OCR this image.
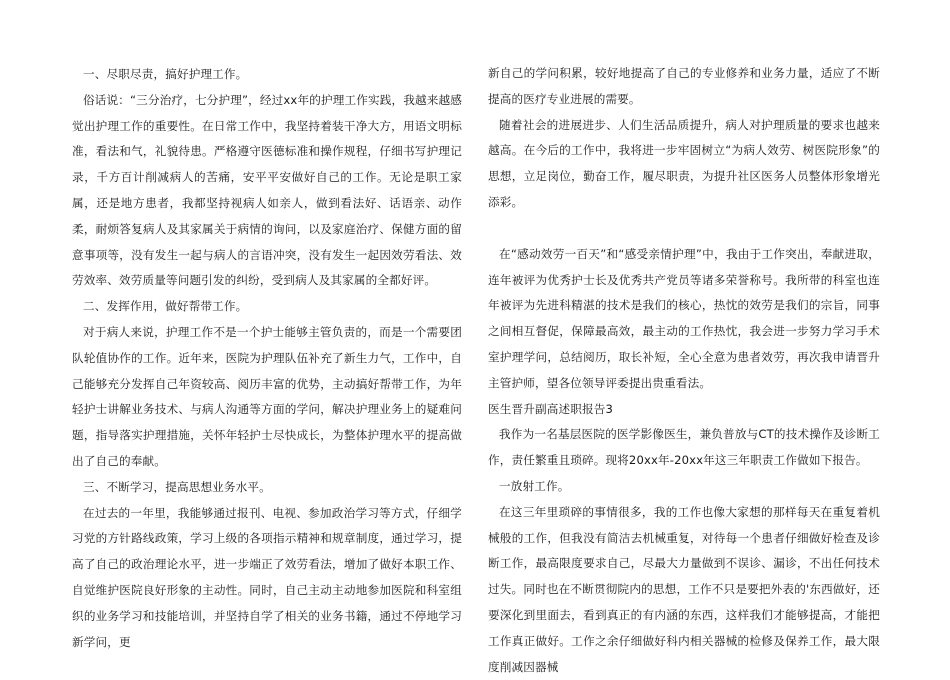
一、尽职尽责，搞好护理工作。

俗话说：“三分治疗，七分护理”，经过xx年的护理工作实践，我越来越感觉出护理工作的重要性。在日常工作中，我坚持着装干净大方，用语文明标准，看法和气，礼貌待患。严格遵守医德标准和操作规程，仔细书写护理记录，千方百计削减病人的苦痛，安平平安做好自己的工作。无论是职工家属，还是地方患者，我都坚持视病人如亲人，做到看法好、话语亲、动作柔，耐烦答复病人及其家属关于病情的询问，以及家庭治疗、保健方面的留意事项等，没有发生一起与病人的言语冲突，没有发生一起因效劳看法、效劳效率、效劳质量等问题引发的纠纷，受到病人及其家属的全都好评。

二、发挥作用，做好帮带工作。

对于病人来说，护理工作不是一个护士能够主管负责的，而是一个需要团队轮值协作的工作。近年来，医院为护理队伍补充了新生力气，工作中，自己能够充分发挥自己年资较高、阅历丰富的优势，主动搞好帮带工作，为年轻护士讲解业务技术、与病人沟通等方面的学问，解决护理业务上的疑难问题，指导落实护理措施，关怀年轻护士尽快成长，为整体护理水平的提高做出了自己的奉献。

三、不断学习，提高思想业务水平。

在过去的一年里，我能够通过报刊、电视、参加政治学习等方式，仔细学习党的方针路线政策，学习上级的各项指示精神和规章制度，通过学习，提高了自己的政治理论水平，进一步端正了效劳看法，增加了做好本职工作、自觉维护医院良好形象的主动性。同时，自己主动主动地参加医院和科室组织的业务学习和技能培训，并坚持自学了相关的业务书籍，通过不停地学习新学问，更

新自己的学问积累，较好地提高了自己的专业修养和业务力量，适应了不断提高的医疗专业进展的需要。

随着社会的进展进步、人们生活品质提升，病人对护理质量的要求也越来越高。在今后的工作中，我将进一步牢固树立“为病人效劳、树医院形象”的思想，立足岗位，勤奋工作，履尽职责，为提升社区医务人员整体形象增光添彩。

在“感动效劳一百天”和“感受亲情护理”中，我由于工作突出，奉献进取，连年被评为优秀护士长及优秀共产党员等诸多荣誉称号。我所带的科室也连年被评为先进科精湛的技术是我们的核心，热忱的效劳是我们的宗旨，同事之间相互督促，保障最高效，最主动的工作热忱，我会进一步努力学习手术室护理学问，总结阅历，取长补短，全心全意为患者效劳，再次我申请晋升主管护师，望各位领导评委提出贵重看法。

医生晋升副高述职报告3

我作为一名基层医院的医学影像医生，兼负普放与CT的技术操作及诊断工作，责任繁重且琐碎。现将20xx年-20xx年这三年职责工作做如下报告。

一放射工作。

在这三年里琐碎的事情很多，我的工作也像大家想的那样每天在重复着机械般的工作，但我没有简洁去机械重复，对待每一个患者仔细做好检查及诊断工作，最高限度要求自己，尽最大力量做到不误诊、漏诊，不出任何技术过失。同时也在不断贯彻院内的思想，工作不只是要把外表的'东西做好，还要深化到里面去，看到真正的有内涵的东西，这样我们才能够提高，才能把工作真正做好。工作之余仔细做好科内相关器械的检修及保养工作，最大限度削减因器械
